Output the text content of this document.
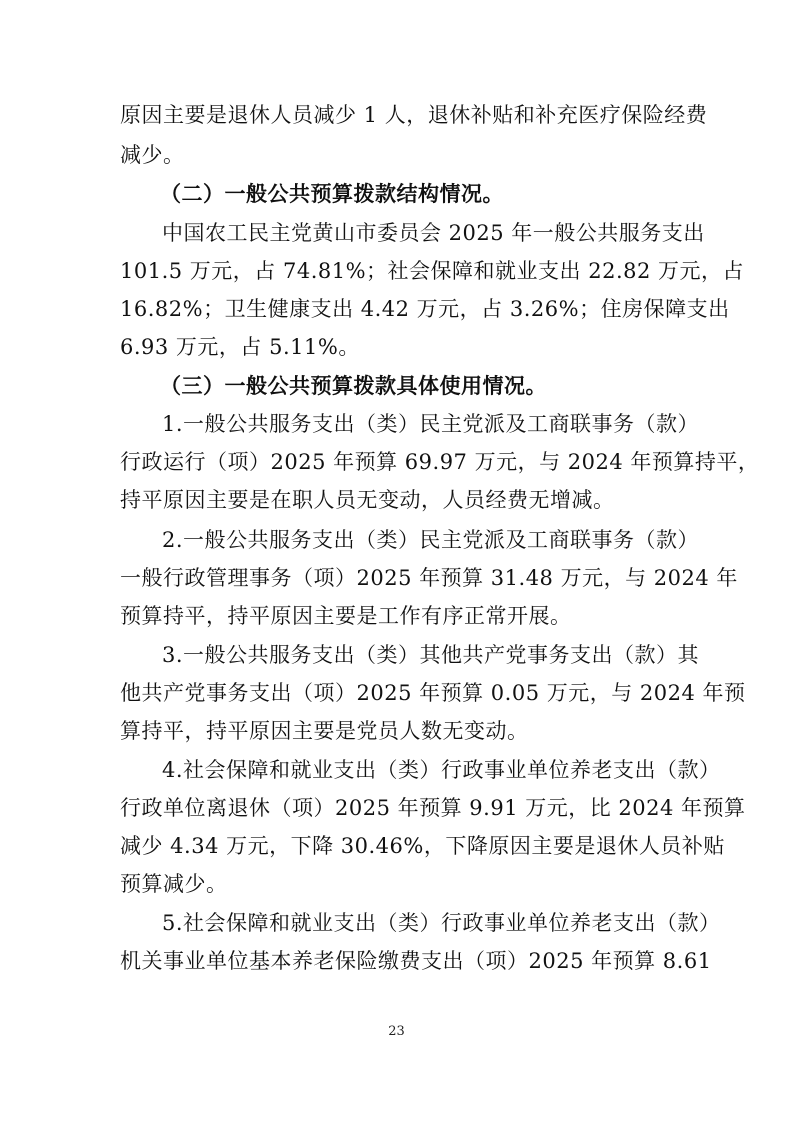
原因主要是退休人员减少 1 人，退休补贴和补充医疗保险经费
减少。
（二）一般公共预算拨款结构情况。
中国农工民主党黄山市委员会 2025 年一般公共服务支出
101.5 万元，占 74.81%；社会保障和就业支出 22.82 万元，占
16.82%；卫生健康支出 4.42 万元，占 3.26%；住房保障支出
6.93 万元，占 5.11%。
（三）一般公共预算拨款具体使用情况。
1.一般公共服务支出（类）民主党派及工商联事务（款）
行政运行（项）2025 年预算 69.97 万元，与 2024 年预算持平，
持平原因主要是在职人员无变动，人员经费无增减。
2.一般公共服务支出（类）民主党派及工商联事务（款）
一般行政管理事务（项）2025 年预算 31.48 万元，与 2024 年
预算持平，持平原因主要是工作有序正常开展。
3.一般公共服务支出（类）其他共产党事务支出（款）其
他共产党事务支出（项）2025 年预算 0.05 万元，与 2024 年预
算持平，持平原因主要是党员人数无变动。
4.社会保障和就业支出（类）行政事业单位养老支出（款）
行政单位离退休（项）2025 年预算 9.91 万元，比 2024 年预算
减少 4.34 万元，下降 30.46%，下降原因主要是退休人员补贴
预算减少。
5.社会保障和就业支出（类）行政事业单位养老支出（款）
机关事业单位基本养老保险缴费支出（项）2025 年预算 8.61
23
